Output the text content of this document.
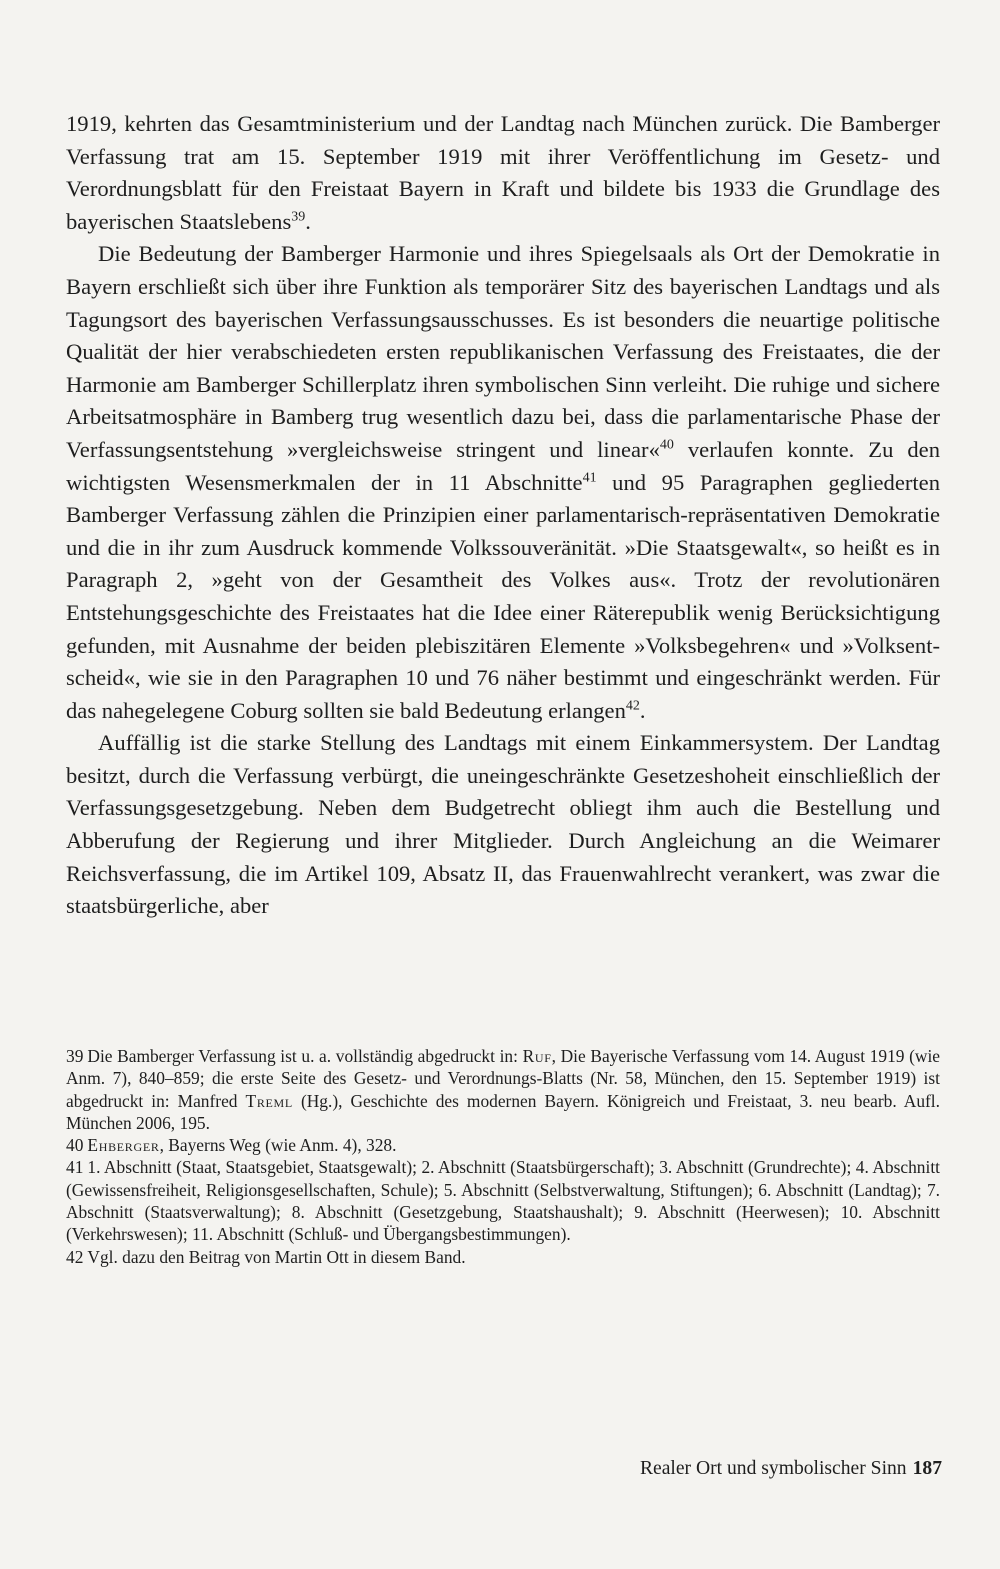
1919, kehrten das Gesamtministerium und der Landtag nach München zurück. Die Bamberger Verfassung trat am 15. September 1919 mit ihrer Veröffentlichung im Gesetz- und Verordnungsblatt für den Freistaat Bayern in Kraft und bildete bis 1933 die Grundlage des bayerischen Staatslebens$^{39}$.

Die Bedeutung der Bamberger Harmonie und ihres Spiegelsaals als Ort der Demokratie in Bayern erschließt sich über ihre Funktion als temporärer Sitz des bayerischen Landtags und als Tagungsort des bayerischen Verfassungsausschusses. Es ist besonders die neuartige politische Qualität der hier verabschiedeten ersten republikanischen Verfassung des Freistaates, die der Harmonie am Bamberger Schillerplatz ihren symbolischen Sinn verleiht. Die ruhige und sichere Arbeitsatmosphäre in Bamberg trug wesentlich dazu bei, dass die parlamentarische Phase der Verfassungsentstehung »vergleichsweise stringent und linear«$^{40}$ verlaufen konnte. Zu den wichtigsten Wesensmerkmalen der in 11 Abschnitte$^{41}$ und 95 Paragraphen gegliederten Bamberger Verfassung zählen die Prinzipien einer parlamentarisch-repräsentativen Demokratie und die in ihr zum Ausdruck kommende Volkssouveränität. »Die Staatsgewalt«, so heißt es in Paragraph 2, »geht von der Gesamtheit des Volkes aus«. Trotz der revolutionären Entstehungsgeschichte des Freistaates hat die Idee einer Räterepublik wenig Berücksichtigung gefunden, mit Ausnahme der beiden plebiszitären Elemente »Volksbegehren« und »Volksentscheid«, wie sie in den Paragraphen 10 und 76 näher bestimmt und eingeschränkt werden. Für das nahegelegene Coburg sollten sie bald Bedeutung erlangen$^{42}$.

Auffällig ist die starke Stellung des Landtags mit einem Einkammersystem. Der Landtag besitzt, durch die Verfassung verbürgt, die uneingeschränkte Gesetzeshoheit einschließlich der Verfassungsgesetzgebung. Neben dem Budgetrecht obliegt ihm auch die Bestellung und Abberufung der Regierung und ihrer Mitglieder. Durch Angleichung an die Weimarer Reichsverfassung, die im Artikel 109, Absatz II, das Frauenwahlrecht verankert, was zwar die staatsbürgerliche, aber

39 Die Bamberger Verfassung ist u. a. vollständig abgedruckt in: Ruf, Die Bayerische Verfassung vom 14. August 1919 (wie Anm. 7), 840–859; die erste Seite des Gesetz- und Verordnungs-Blatts (Nr. 58, München, den 15. September 1919) ist abgedruckt in: Manfred Treml (Hg.), Geschichte des modernen Bayern. Königreich und Freistaat, 3. neu bearb. Aufl. München 2006, 195.

40 Ehberger, Bayerns Weg (wie Anm. 4), 328.

41 1. Abschnitt (Staat, Staatsgebiet, Staatsgewalt); 2. Abschnitt (Staatsbürgerschaft); 3. Abschnitt (Grundrechte); 4. Abschnitt (Gewissensfreiheit, Religionsgesellschaften, Schule); 5. Abschnitt (Selbstverwaltung, Stiftungen); 6. Abschnitt (Landtag); 7. Abschnitt (Staatsverwaltung); 8. Abschnitt (Gesetzgebung, Staatshaushalt); 9. Abschnitt (Heerwesen); 10. Abschnitt (Verkehrswesen); 11. Abschnitt (Schluß- und Übergangsbestimmungen).

42 Vgl. dazu den Beitrag von Martin Ott in diesem Band.

Realer Ort und symbolischer Sinn 187
